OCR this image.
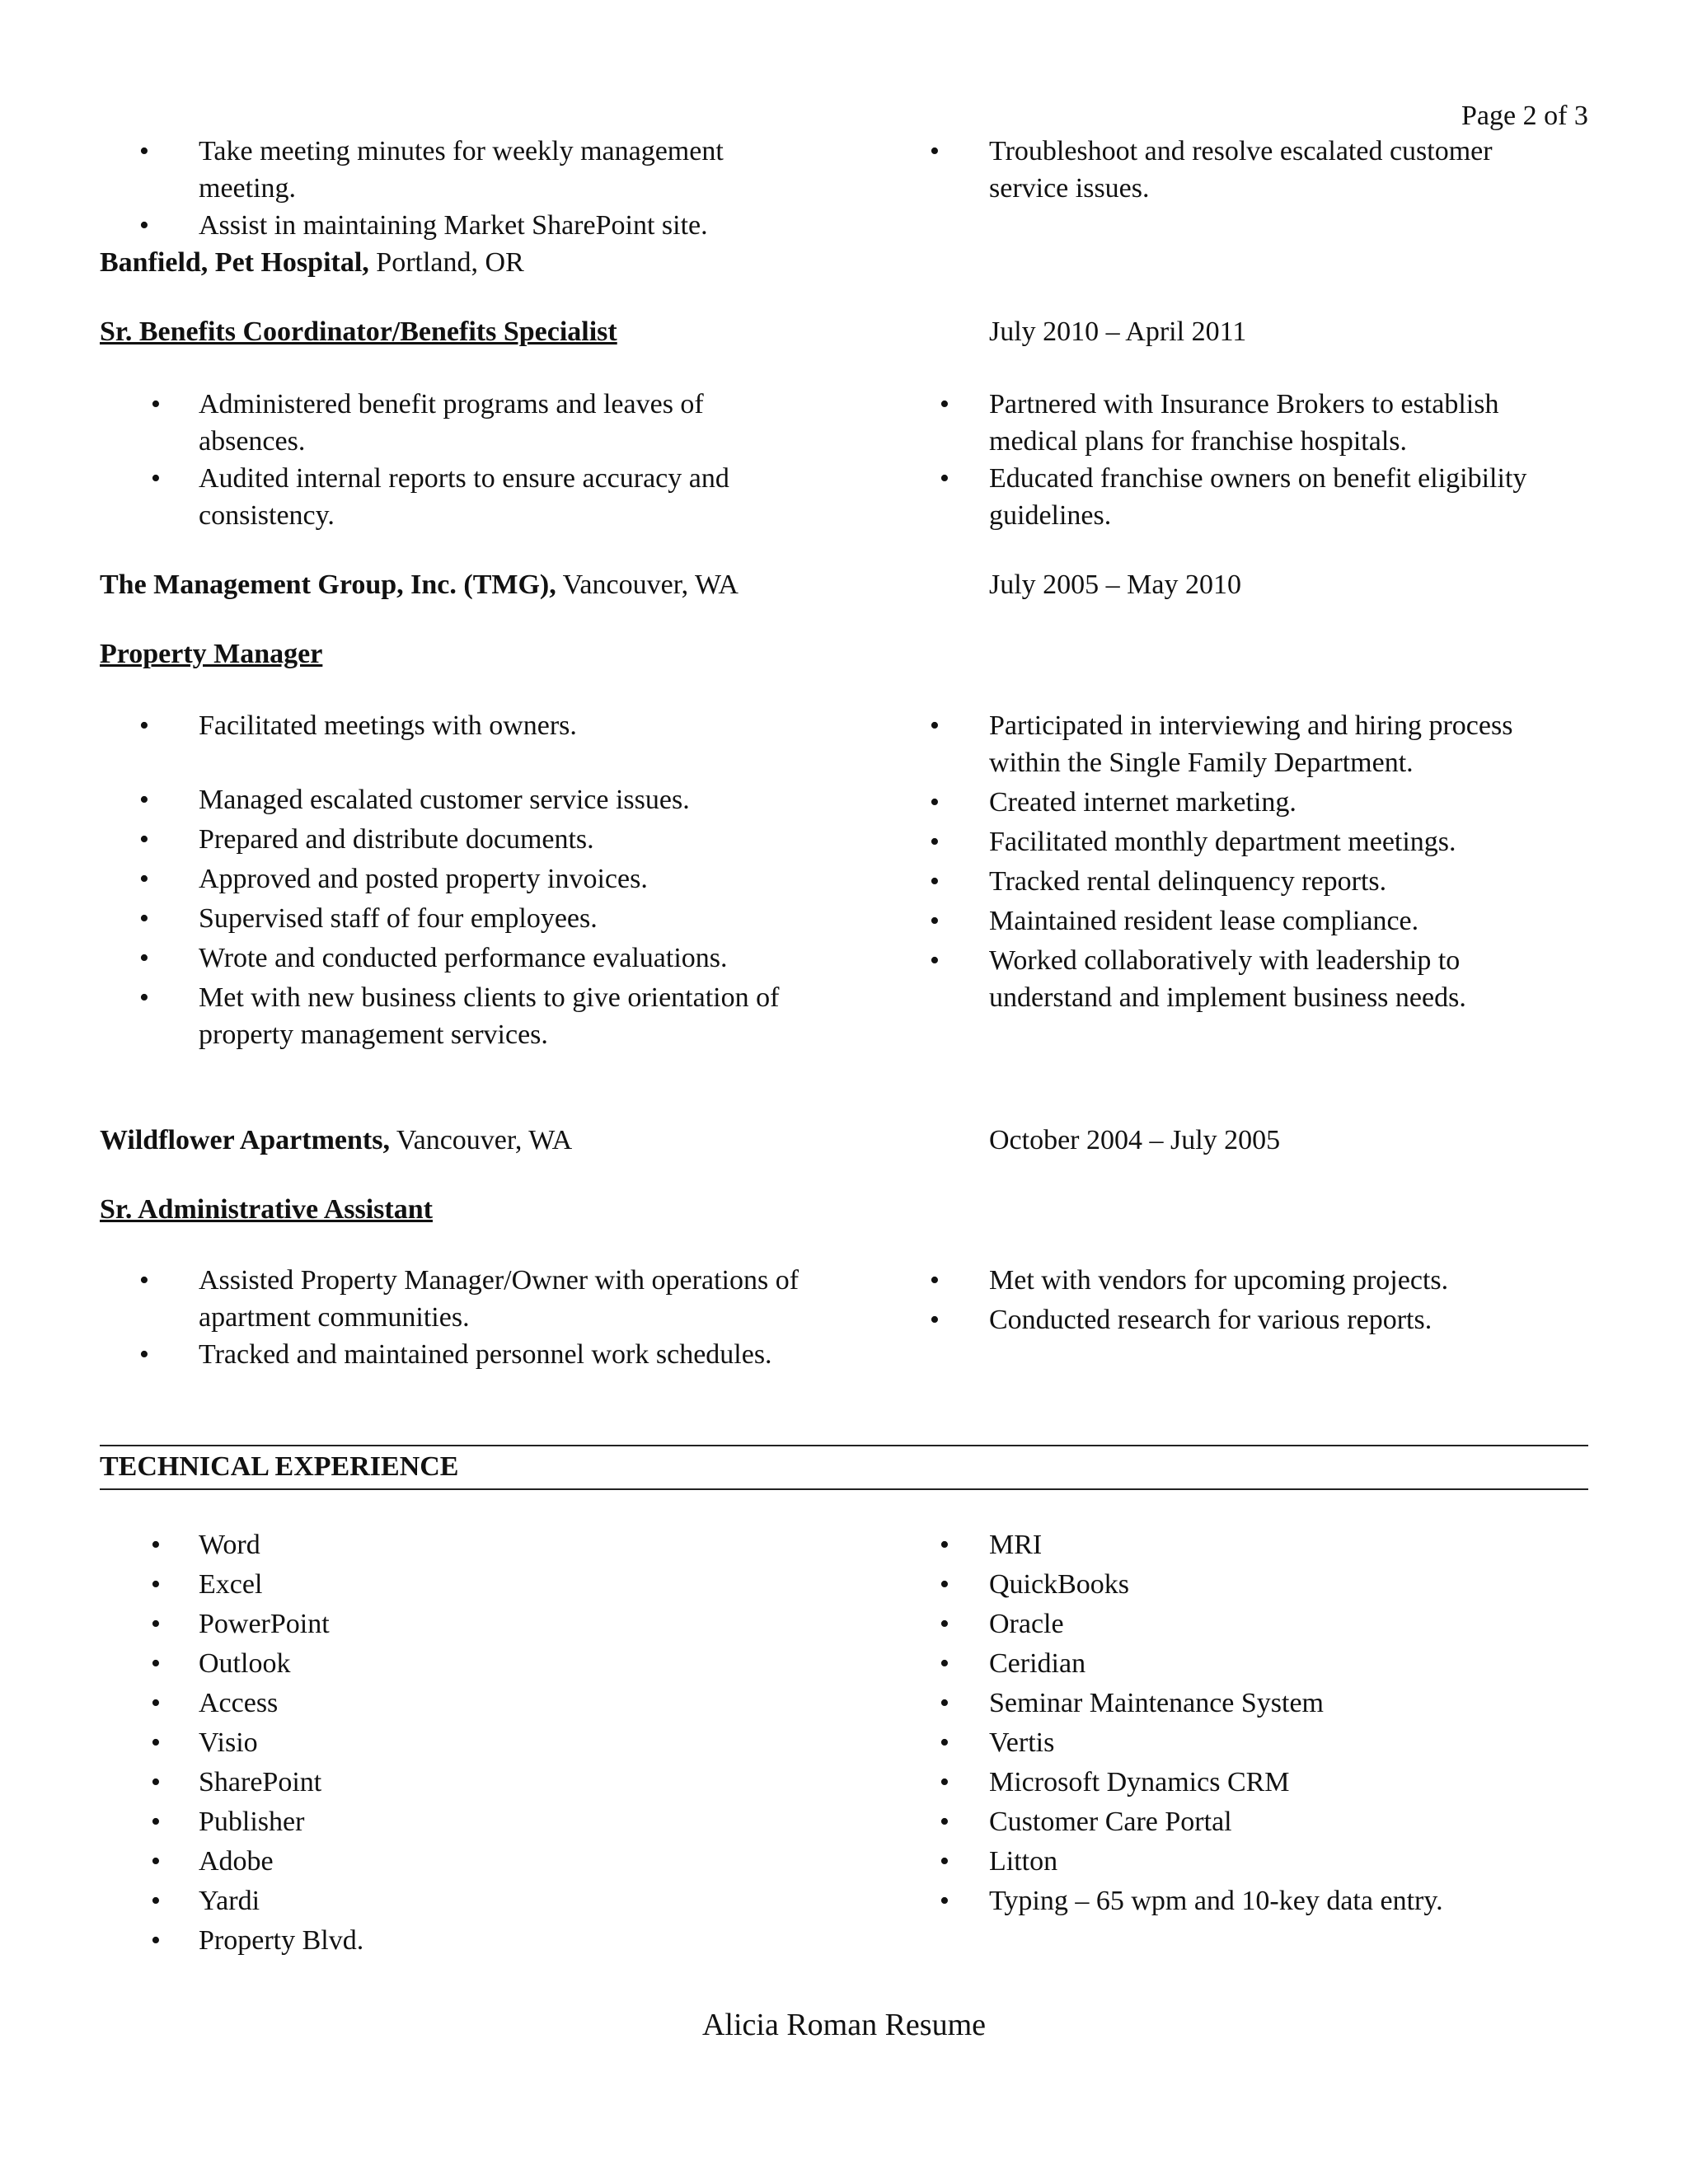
Page 2 of 3
• Take meeting minutes for weekly management meeting.
• Assist in maintaining Market SharePoint site.
• Troubleshoot and resolve escalated customer service issues.
Banfield, Pet Hospital, Portland, OR
Sr. Benefits Coordinator/Benefits Specialist	July 2010 – April 2011
• Administered benefit programs and leaves of absences.
• Audited internal reports to ensure accuracy and consistency.
• Partnered with Insurance Brokers to establish medical plans for franchise hospitals.
• Educated franchise owners on benefit eligibility guidelines.
The Management Group, Inc. (TMG), Vancouver, WA	July 2005 – May 2010
Property Manager
• Facilitated meetings with owners.
• Managed escalated customer service issues.
• Prepared and distribute documents.
• Approved and posted property invoices.
• Supervised staff of four employees.
• Wrote and conducted performance evaluations.
• Met with new business clients to give orientation of property management services.
• Participated in interviewing and hiring process within the Single Family Department.
• Created internet marketing.
• Facilitated monthly department meetings.
• Tracked rental delinquency reports.
• Maintained resident lease compliance.
• Worked collaboratively with leadership to understand and implement business needs.
Wildflower Apartments, Vancouver, WA	October 2004 – July 2005
Sr. Administrative Assistant
• Assisted Property Manager/Owner with operations of apartment communities.
• Tracked and maintained personnel work schedules.
• Met with vendors for upcoming projects.
• Conducted research for various reports.
TECHNICAL EXPERIENCE
• Word
• Excel
• PowerPoint
• Outlook
• Access
• Visio
• SharePoint
• Publisher
• Adobe
• Yardi
• Property Blvd.
• MRI
• QuickBooks
• Oracle
• Ceridian
• Seminar Maintenance System
• Vertis
• Microsoft Dynamics CRM
• Customer Care Portal
• Litton
• Typing – 65 wpm and 10-key data entry.
Alicia Roman Resume
